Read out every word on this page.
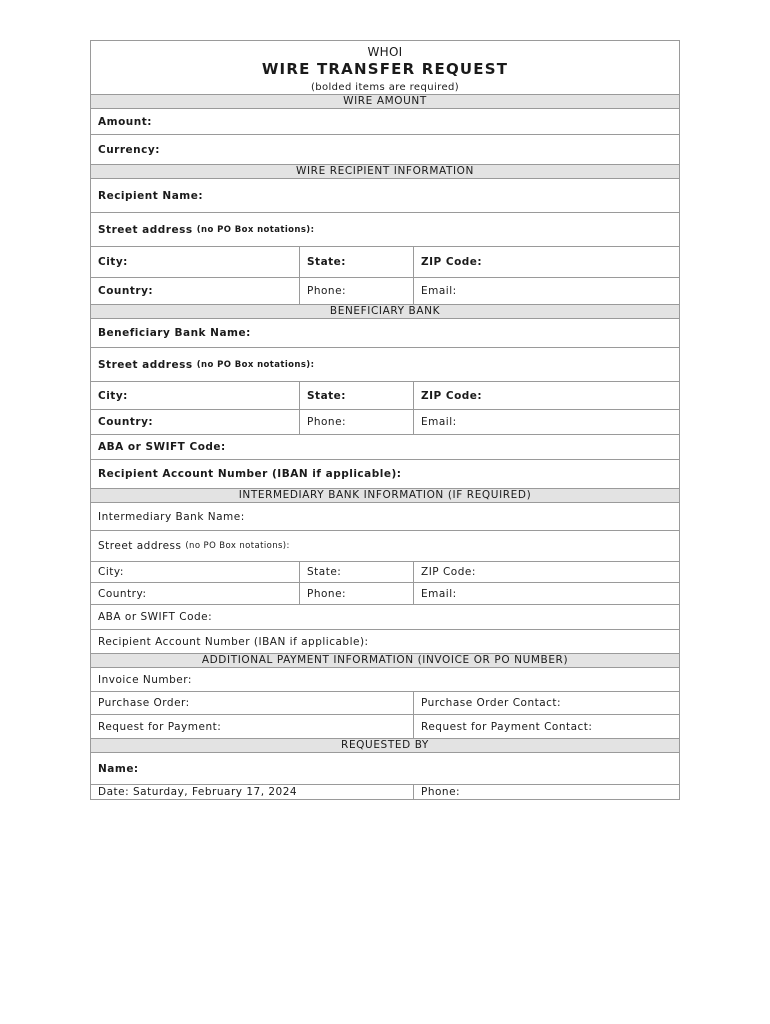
WHOI
WIRE TRANSFER REQUEST
(bolded items are required)
WIRE AMOUNT
Amount:
Currency:
WIRE RECIPIENT INFORMATION
Recipient Name:
Street address
(no PO Box notations):
City:	State:	ZIP Code:
Country:	Phone:	Email:
BENEFICIARY BANK
Beneficiary Bank Name:
Street address
(no PO Box notations):
City:	State:	ZIP Code:
Country:	Phone:	Email:
ABA or SWIFT Code:
Recipient Account Number (IBAN if applicable):
INTERMEDIARY BANK INFORMATION (IF REQUIRED)
Intermediary Bank Name:
Street address
(no PO Box notations):
City:	State:	ZIP Code:
Country:	Phone:	Email:
ABA or SWIFT Code:
Recipient Account Number (IBAN if applicable):
ADDITIONAL PAYMENT INFORMATION (INVOICE OR PO NUMBER)
Invoice Number:
Purchase Order:	Purchase Order Contact:
Request for Payment:	Request for Payment Contact:
REQUESTED BY
Name:
Date: Saturday, February 17, 2024	Phone:
